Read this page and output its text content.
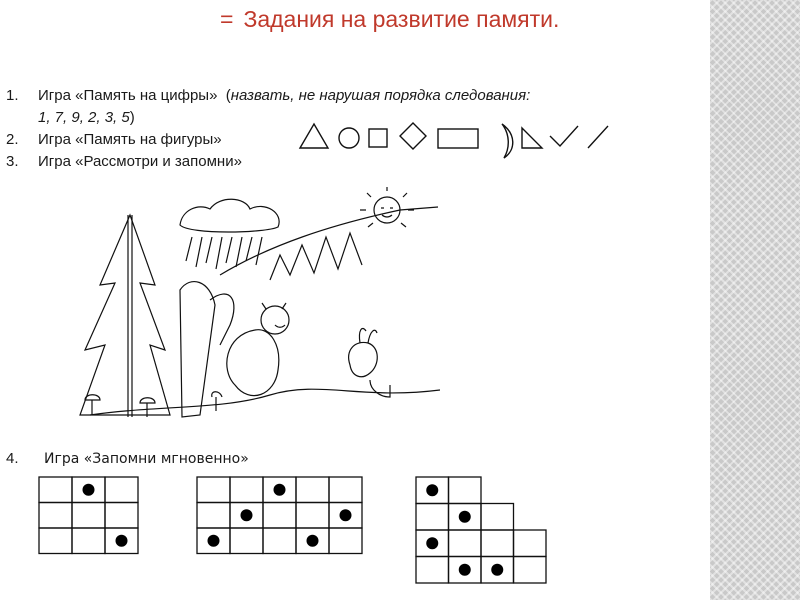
= Задания на развитие памяти.
1. Игра «Память на цифры»  (назвать, не нарушая порядка следования:
1, 7, 9, 2, 3, 5)
2. Игра «Память на фигуры»
3. Игра «Рассмотри и запомни»
4. Игра «Запомни мгновенно»
